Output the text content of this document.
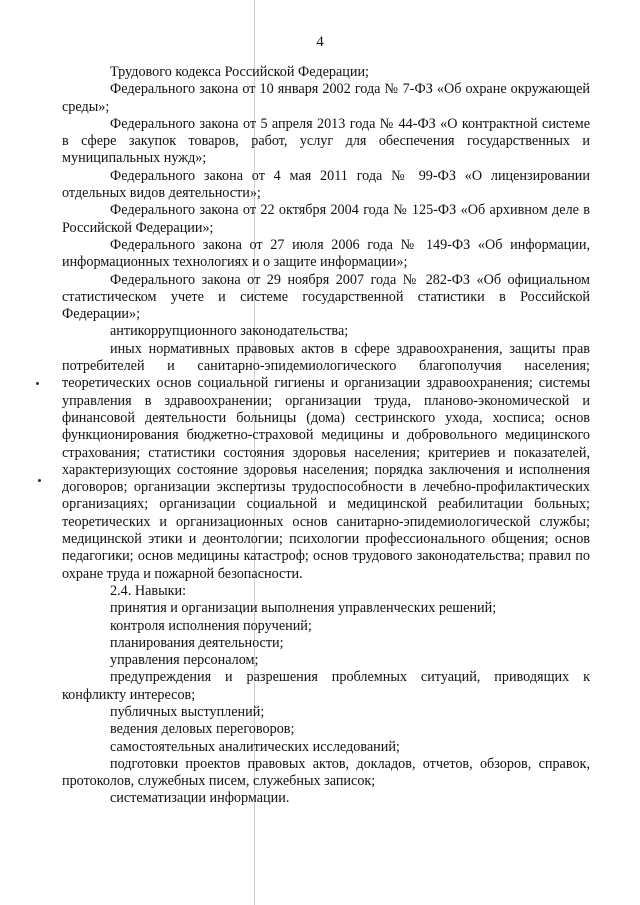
4

Трудового кодекса Российской Федерации;

Федерального закона от 10 января 2002 года № 7-ФЗ «Об охране окружающей среды»;

Федерального закона от 5 апреля 2013 года № 44-ФЗ «О контрактной системе в сфере закупок товаров, работ, услуг для обеспечения государственных и муниципальных нужд»;

Федерального закона от 4 мая 2011 года № 99-ФЗ «О лицензировании отдельных видов деятельности»;

Федерального закона от 22 октября 2004 года № 125-ФЗ «Об архивном деле в Российской Федерации»;

Федерального закона от 27 июля 2006 года № 149-ФЗ «Об информации, информационных технологиях и о защите информации»;

Федерального закона от 29 ноября 2007 года № 282-ФЗ «Об официальном статистическом учете и системе государственной статистики в Российской Федерации»;

антикоррупционного законодательства;

иных нормативных правовых актов в сфере здравоохранения, защиты прав потребителей и санитарно-эпидемиологического благополучия населения; теоретических основ социальной гигиены и организации здравоохранения; системы управления в здравоохранении; организации труда, планово-экономической и финансовой деятельности больницы (дома) сестринского ухода, хосписа; основ функционирования бюджетно-страховой медицины и добровольного медицинского страхования; статистики состояния здоровья населения; критериев и показателей, характеризующих состояние здоровья населения; порядка заключения и исполнения договоров; организации экспертизы трудоспособности в лечебно-профилактических организациях; организации социальной и медицинской реабилитации больных; теоретических и организационных основ санитарно-эпидемиологической службы; медицинской этики и деонтологии; психологии профессионального общения; основ педагогики; основ медицины катастроф; основ трудового законодательства; правил по охране труда и пожарной безопасности.

2.4. Навыки:

принятия и организации выполнения управленческих решений;

контроля исполнения поручений;

планирования деятельности;

управления персоналом;

предупреждения и разрешения проблемных ситуаций, приводящих к конфликту интересов;

публичных выступлений;

ведения деловых переговоров;

самостоятельных аналитических исследований;

подготовки проектов правовых актов, докладов, отчетов, обзоров, справок, протоколов, служебных писем, служебных записок;

систематизации информации.
